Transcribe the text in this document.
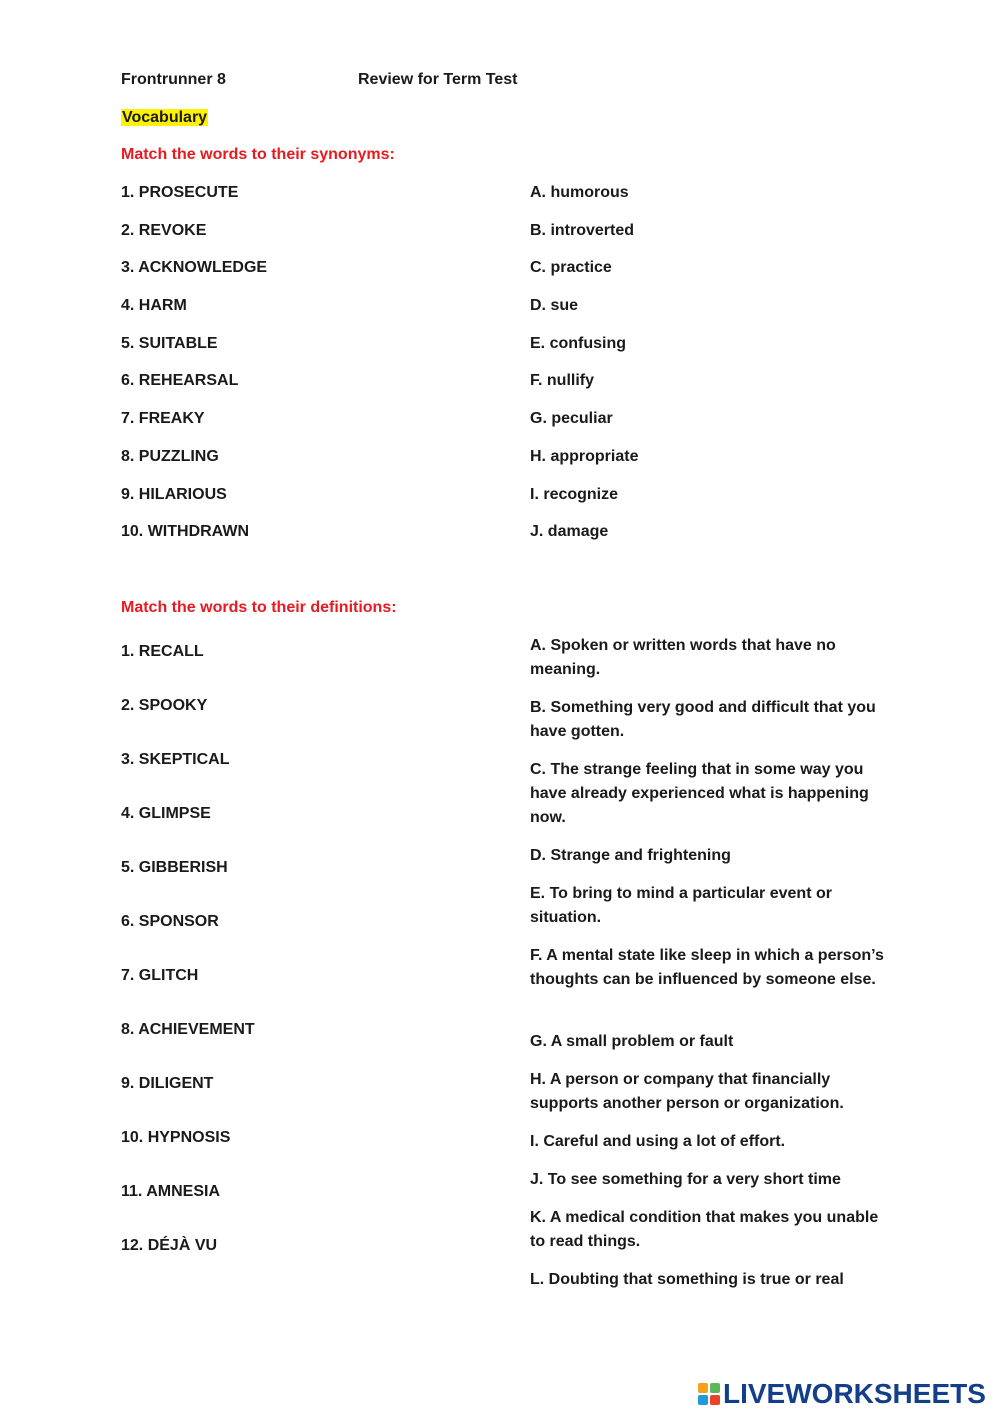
Frontrunner 8	Review for Term Test
Vocabulary
Match the words to their synonyms:
1. PROSECUTE
2. REVOKE
3. ACKNOWLEDGE
4. HARM
5. SUITABLE
6. REHEARSAL
7. FREAKY
8. PUZZLING
9. HILARIOUS
10. WITHDRAWN
A. humorous
B. introverted
C. practice
D. sue
E. confusing
F. nullify
G. peculiar
H. appropriate
I. recognize
J. damage
Match the words to their definitions:
1. RECALL
2. SPOOKY
3. SKEPTICAL
4. GLIMPSE
5. GIBBERISH
6. SPONSOR
7. GLITCH
8. ACHIEVEMENT
9. DILIGENT
10. HYPNOSIS
11. AMNESIA
12. DÉJÀ VU
A. Spoken or written words that have no meaning.
B. Something very good and difficult that you have gotten.
C. The strange feeling that in some way you have already experienced what is happening now.
D. Strange and frightening
E. To bring to mind a particular event or situation.
F. A mental state like sleep in which a person’s thoughts can be influenced by someone else.
G. A small problem or fault
H. A person or company that financially supports another person or organization.
I. Careful and using a lot of effort.
J. To see something for a very short time
K. A medical condition that makes you unable to read things.
L. Doubting that something is true or real
LIVEWORKSHEETS
